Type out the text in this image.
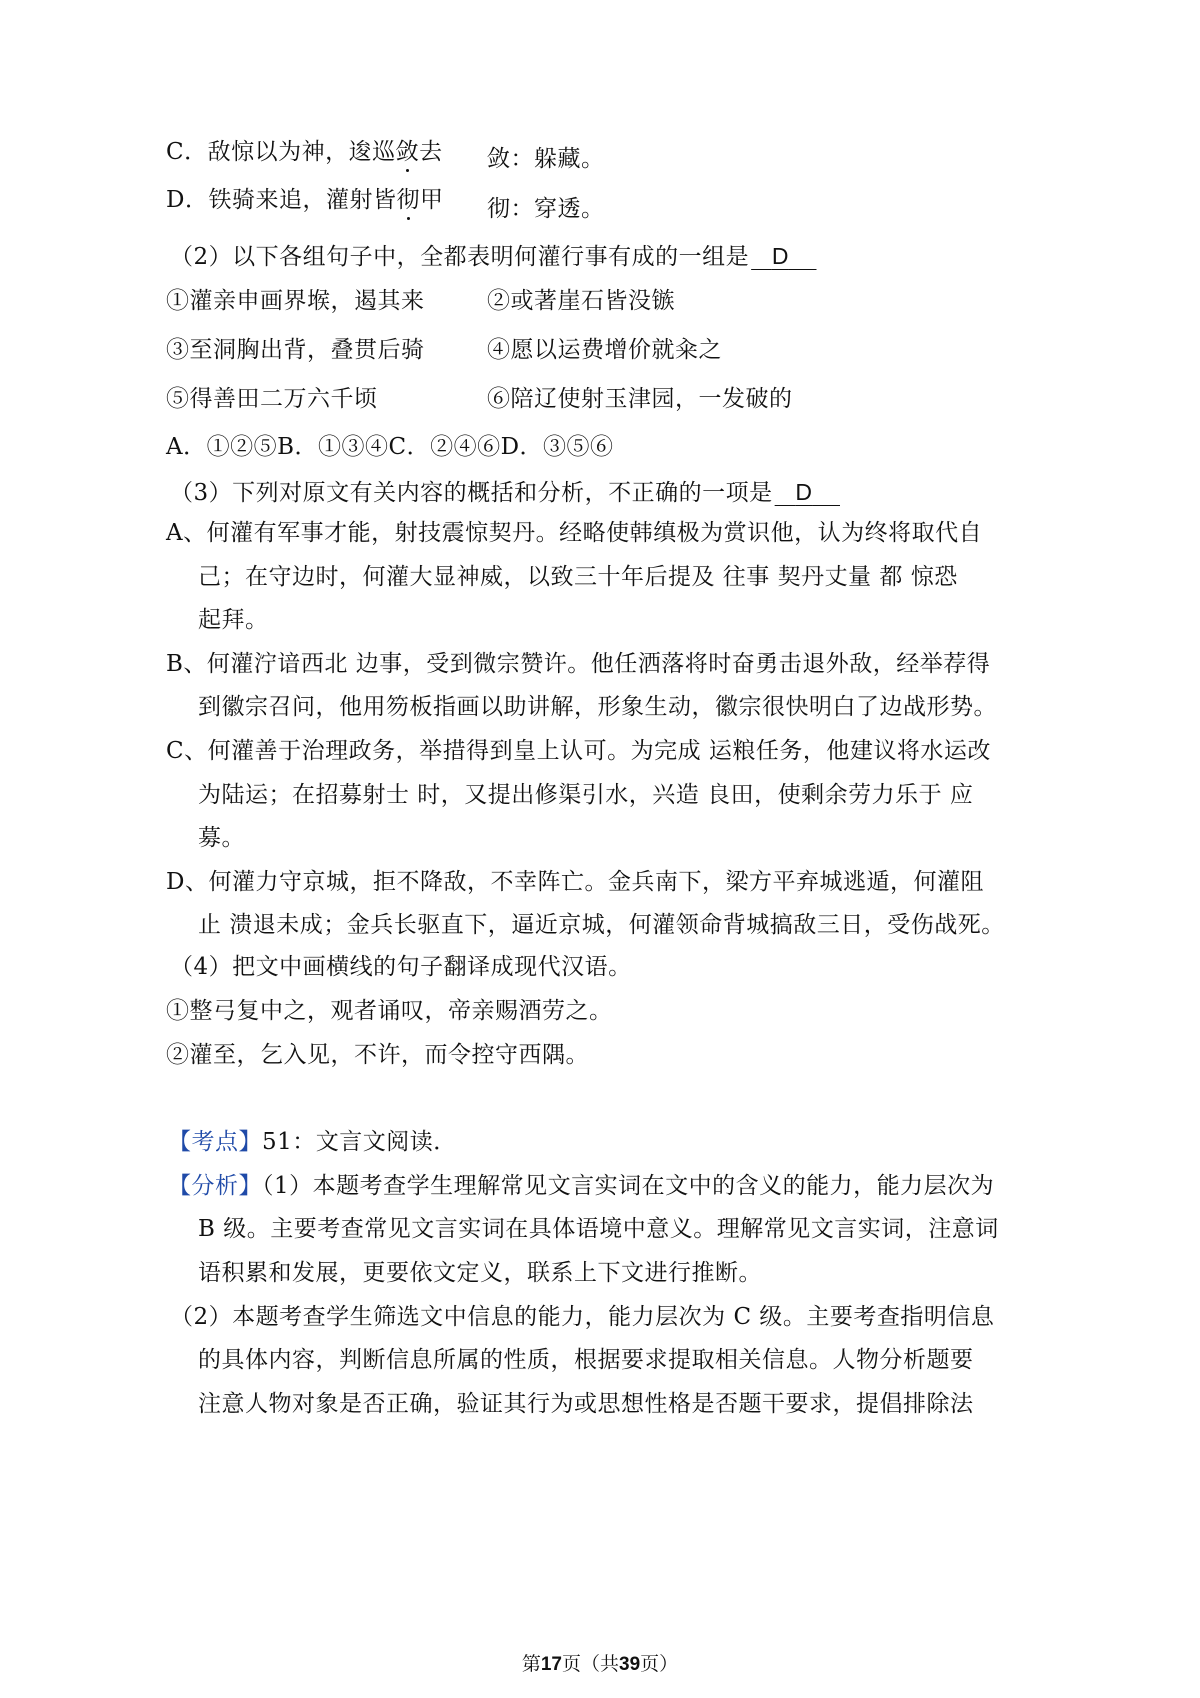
C．敌惊以为神，逡巡敛去 敛：躲藏。
D．铁骑来追，灌射皆彻甲 彻：穿透。
（2）以下各组句子中，全都表明何灌行事有成的一组是 D
①灌亲申画界堠，遏其来	②或著崖石皆没镞
③至洞胸出背，叠贯后骑	④愿以运费增价就籴之
⑤得善田二万六千顷	⑥陪辽使射玉津园，一发破的
A．①②⑤B．①③④C．②④⑥D．③⑤⑥
（3）下列对原文有关内容的概括和分析，不正确的一项是 D
A、何灌有军事才能，射技震惊契丹。经略使韩缜极为赏识他，认为终将取代自
己；在守边时，何灌大显神威，以致三十年后提及 往事 契丹丈量 都 惊恐
起拜。
B、何灌泞谙西北 边事，受到微宗赞许。他任洒落将时奋勇击退外敌，经举荐得
到徽宗召问，他用笏板指画以助讲解，形象生动，徽宗很快明白了边战形势。
C、何灌善于治理政务，举措得到皇上认可。为完成 运粮任务，他建议将水运改
为陆运；在招募射士 时，又提出修渠引水，兴造 良田，使剩余劳力乐于 应
募。
D、何灌力守京城，拒不降敌，不幸阵亡。金兵南下，梁方平弃城逃遁，何灌阻
止 溃退未成；金兵长驱直下，逼近京城，何灌领命背城搞敌三日，受伤战死。
（4）把文中画横线的句子翻译成现代汉语。
①整弓复中之，观者诵叹，帝亲赐酒劳之。
②灌至，乞入见，不许，而令控守西隅。
【考点】51：文言文阅读．
【分析】（1）本题考查学生理解常见文言实词在文中的含义的能力，能力层次为
B 级。主要考查常见文言实词在具体语境中意义。理解常见文言实词，注意词
语积累和发展，更要依文定义，联系上下文进行推断。
（2）本题考查学生筛选文中信息的能力，能力层次为 C 级。主要考查指明信息
的具体内容，判断信息所属的性质，根据要求提取相关信息。人物分析题要
注意人物对象是否正确，验证其行为或思想性格是否题干要求，提倡排除法
第17页（共39页）
